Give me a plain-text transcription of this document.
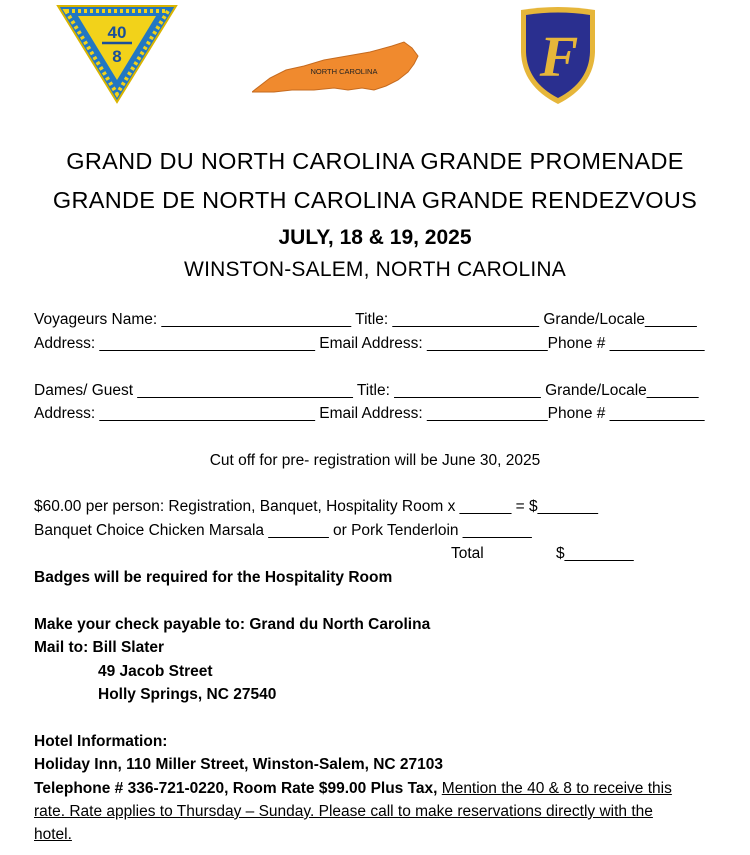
40
8
NORTH CAROLINA	F
GRAND DU NORTH CAROLINA GRANDE PROMENADE
GRANDE DE NORTH CAROLINA GRANDE RENDEZVOUS
JULY, 18 & 19, 2025
WINSTON-SALEM, NORTH CAROLINA
Voyageurs Name: ______________________ Title: _________________ Grande/Locale______
Address: _________________________ Email Address: ______________Phone # ___________
Dames/ Guest _________________________ Title: _________________ Grande/Locale______
Address: _________________________ Email Address: ______________Phone # ___________
Cut off for pre- registration will be June 30, 2025
$60.00 per person: Registration, Banquet, Hospitality Room x ______ = $_______
Banquet Choice Chicken Marsala _______ or Pork Tenderloin ________
Total	$________
Badges will be required for the Hospitality Room
Make your check payable to: Grand du North Carolina
Mail to: Bill Slater
49 Jacob Street
Holly Springs, NC 27540
Hotel Information:
Holiday Inn, 110 Miller Street, Winston-Salem, NC 27103
Telephone # 336-721-0220, Room Rate $99.00 Plus Tax, Mention the 40 & 8 to receive this
rate. Rate applies to Thursday – Sunday. Please call to make reservations directly with the
hotel.
